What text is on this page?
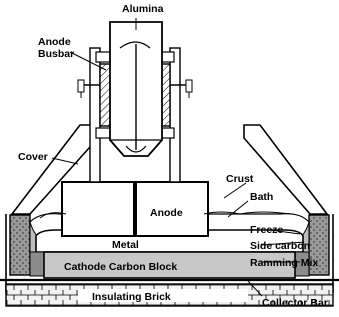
Alumina
Anode
Busbar
Cover
Crust
Bath
Anode
Freeze
Side carbon
Metal
Ramming Mix
Cathode Carbon Block
Insulating Brick	Collector Bar
